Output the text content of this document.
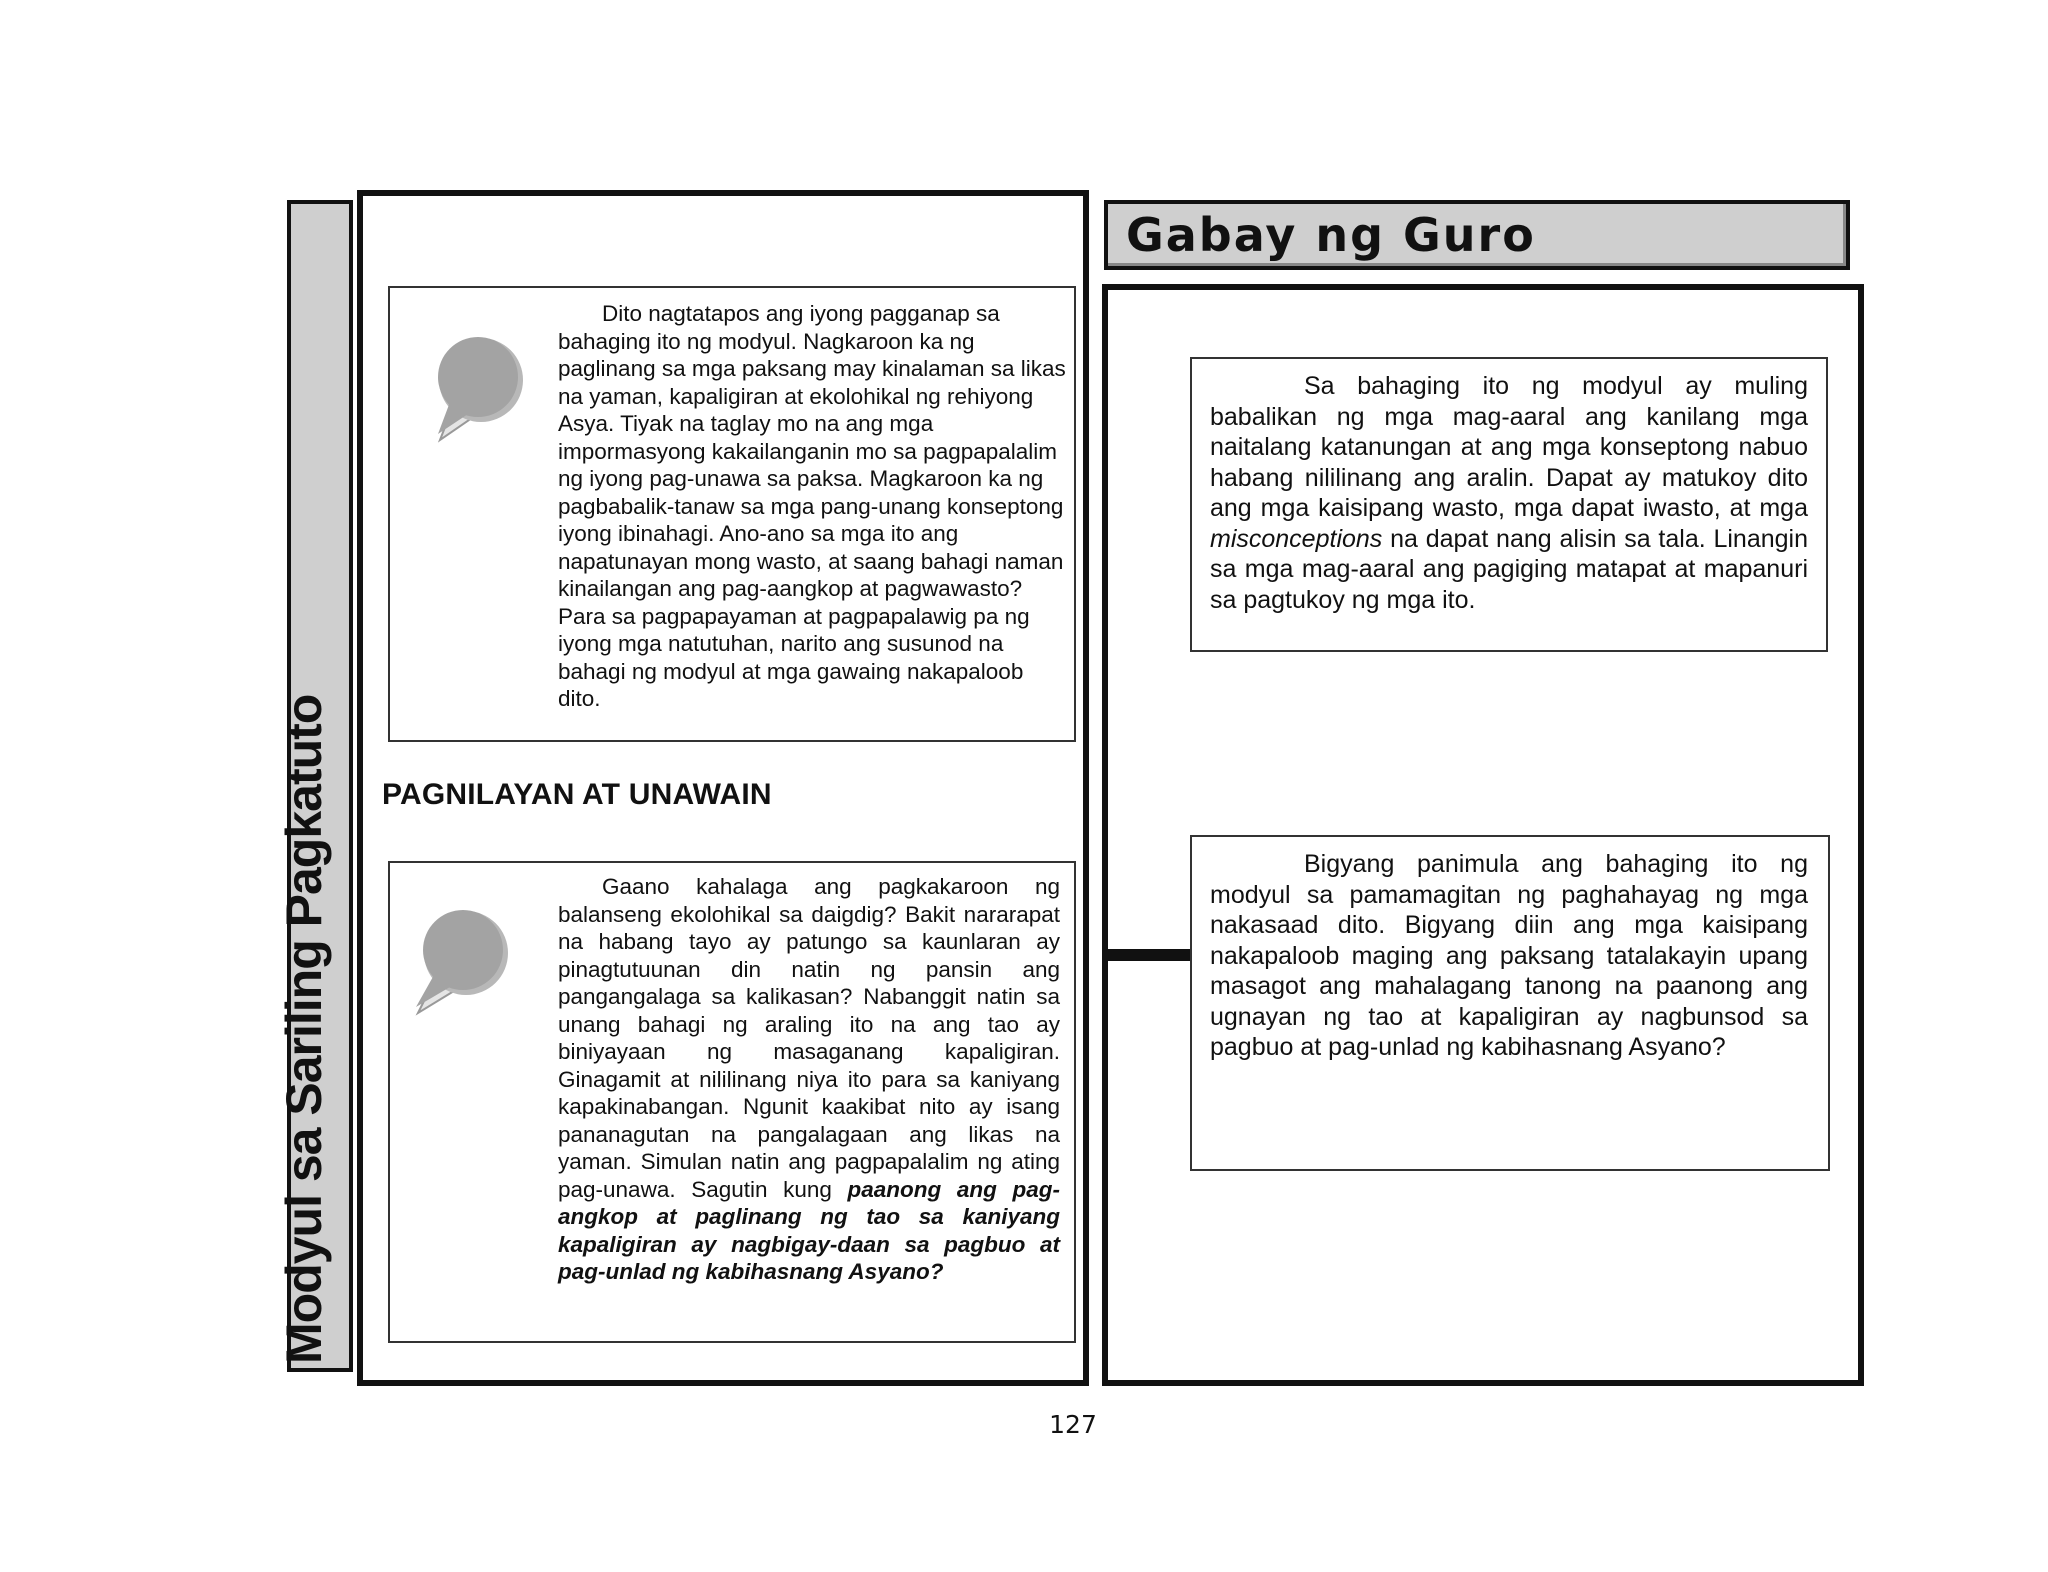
Modyul sa Sariling Pagkatuto
Dito nagtatapos ang iyong pagganap sa bahaging ito ng modyul. Nagkaroon ka ng paglinang sa mga paksang may kinalaman sa likas na yaman, kapaligiran at ekolohikal ng rehiyong Asya. Tiyak na taglay mo na ang mga impormasyong kakailanganin mo sa pagpapalalim ng iyong pag-unawa sa paksa. Magkaroon ka ng pagbabalik-tanaw sa mga pang-unang konseptong iyong ibinahagi. Ano-ano sa mga ito ang napatunayan mong wasto, at saang bahagi naman kinailangan ang pag-aangkop at pagwawasto? Para sa pagpapayaman at pagpapalawig pa ng iyong mga natutuhan, narito ang susunod na bahagi ng modyul at mga gawaing nakapaloob dito.
PAGNILAYAN AT UNAWAIN
Gaano kahalaga ang pagkakaroon ng balanseng ekolohikal sa daigdig? Bakit nararapat na habang tayo ay patungo sa kaunlaran ay pinagtutuunan din natin ng pansin ang pangangalaga sa kalikasan? Nabanggit natin sa unang bahagi ng araling ito na ang tao ay biniyayaan ng masaganang kapaligiran. Ginagamit at nililinang niya ito para sa kaniyang kapakinabangan. Ngunit kaakibat nito ay isang pananagutan na pangalagaan ang likas na yaman. Simulan natin ang pagpapalalim ng ating pag-unawa. Sagutin kung paanong ang pag-angkop at paglinang ng tao sa kaniyang kapaligiran ay nagbigay-daan sa pagbuo at pag-unlad ng kabihasnang Asyano?
Gabay ng Guro
Sa bahaging ito ng modyul ay muling babalikan ng mga mag-aaral ang kanilang mga naitalang katanungan at ang mga konseptong nabuo habang nililinang ang aralin. Dapat ay matukoy dito ang mga kaisipang wasto, mga dapat iwasto, at mga misconceptions na dapat nang alisin sa tala. Linangin sa mga mag-aaral ang pagiging matapat at mapanuri sa pagtukoy ng mga ito.
Bigyang panimula ang bahaging ito ng modyul sa pamamagitan ng paghahayag ng mga nakasaad dito. Bigyang diin ang mga kaisipang nakapaloob maging ang paksang tatalakayin upang masagot ang mahalagang tanong na paanong ang ugnayan ng tao at kapaligiran ay nagbunsod sa pagbuo at pag-unlad ng kabihasnang Asyano?
127
